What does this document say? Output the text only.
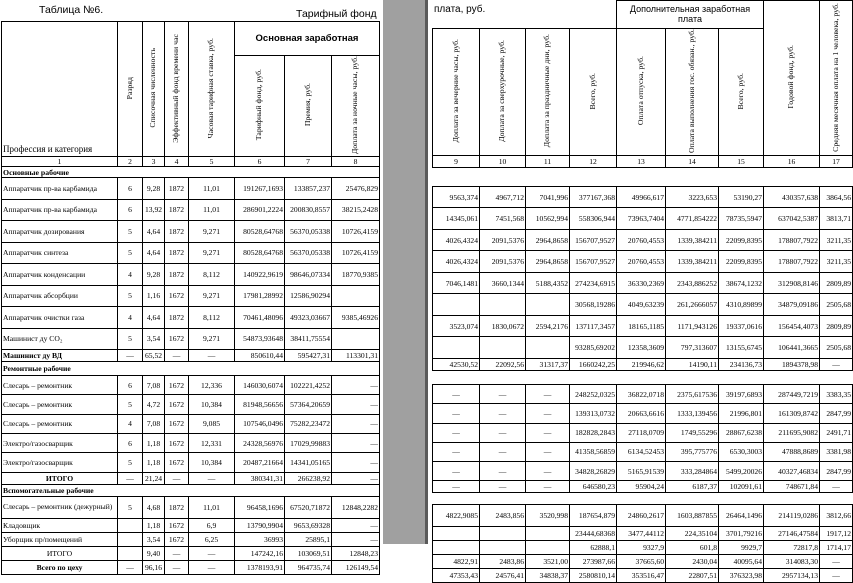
Таблица №6.	Тарифный фонд
Профессия и категория	Разряд	Списочная численность	Эффективный фонд времени час	Часовая тарифная ставка, руб.	Основная заработная		
					Тарифный фонд, руб.	Премия, руб.	Доплата за ночные часы, руб.
1	2	3	4	5	6	7	8
Основные рабочие							
Аппаратчик пр-ва карбамида	6	9,28	1872	11,01	191267,1693	133857,237	25476,829
Аппаратчик пр-ва карбамида	6	13,92	1872	11,01	286901,2224	200830,8557	38215,2428
Аппаратчик дозирования	5	4,64	1872	9,271	80528,64768	56370,05338	10726,4159
Аппаратчик синтеза	5	4,64	1872	9,271	80528,64768	56370,05338	10726,4159
Аппаратчик конденсации	4	9,28	1872	8,112	140922,9619	98646,07334	18770,9385
Аппаратчик абсорбции	5	1,16	1672	9,271	17981,28992	12586,90294	
Аппаратчик очистки газа	4	4,64	1872	8,112	70461,48096	49323,03667	9385,46926
Машинист ду СО₂	5	3,54	1672	9,271	54873,93648	38411,75554	
Машинист ду ВД	—	65,52	—	—	850610,44	595427,31	113301,31
Ремонтные рабочие							
Слесарь – ремонтник	6	7,08	1672	12,336	146030,6074	102221,4252	—
Слесарь – ремонтник	5	4,72	1672	10,384	81948,56656	57364,20659	—
Слесарь – ремонтник	4	7,08	1672	9,085	107546,0496	75282,23472	—
Электро/газосварщик	6	1,18	1672	12,331	24328,56976	17029,99883	—
Электро/газосварщик	5	1,18	1672	10,384	20487,21664	14341,05165	—
ИТОГО	—	21,24	—	—	380341,31	266238,92	—
Вспомогательные рабочие							
Слесарь – ремонтник (дежурный)	5	4,68	1872	11,01	96458,1696	67520,71872	12848,2282
Кладовщик		1,18	1672	6,9	13790,9904	9653,69328	—
Уборщик пр/помещений		3,54	1672	6,25	36993	25895,1	—
ИТОГО		9,40	—	—	147242,16	103069,51	12848,23
Всего по цеху	—	96,16	—	—	1378193,91	964735,74	126149,54
плата, руб.
				Дополнительная заработная плата			Годовой фонд, руб.	Средняя месячная оплата на 1 человека, руб.
Доплата за вечерние часы, руб.	Доплата за сверхурочные, руб.	Доплата за праздничные дни, руб.	Всего, руб.	Оплата отпуска, руб.	Оплата выполнения гос. обязан., руб.	Всего, руб.		
9	10	11	12	13	14	15	16	17

9563,374	4967,712	7041,996	377167,368	49966,617	3223,653	53190,27	430357,638	3864,56
14345,061	7451,568	10562,994	558306,944	73963,7404	4771,854222	78735,5947	637042,5387	3813,71
4026,4324	2091,5376	2964,8658	156707,9527	20760,4553	1339,384211	22099,8395	178807,7922	3211,35
4026,4324	2091,5376	2964,8658	156707,9527	20760,4553	1339,384211	22099,8395	178807,7922	3211,35
7046,1481	3660,1344	5188,4352	274234,6915	36330,2369	2343,886252	38674,1232	312908,8146	2809,89
			30568,19286	4049,63239	261,2666057	4310,89899	34879,09186	2505,68
3523,074	1830,0672	2594,2176	137117,3457	18165,1185	1171,943126	19337,0616	156454,4073	2809,89
			93285,69202	12358,3609	797,313607	13155,6745	106441,3665	2505,68
42530,52	22092,56	31317,37	1660242,25	219946,62	14190,11	234136,73	1894378,98	—

—	—	—	248252,0325	36822,0718	2375,617536	39197,6893	287449,7219	3383,35
—	—	—	139313,0732	20663,6616	1333,139456	21996,801	161309,8742	2847,99
—	—	—	182828,2843	27118,0709	1749,55296	28867,6238	211695,9082	2491,71
—	—	—	41358,56859	6134,52453	395,775776	6530,3003	47888,8689	3381,98
—	—	—	34828,26829	5165,91539	333,284864	5499,20026	40327,46834	2847,99
—	—	—	646580,23	95904,24	6187,37	102091,61	748671,84	—

4822,9085	2483,856	3520,998	187654,879	24860,2617	1603,887855	26464,1496	214119,0286	3812,66
			23444,68368	3477,44112	224,35104	3701,79216	27146,47584	1917,12
			62888,1	9327,9	601,8	9929,7	72817,8	1714,17
4822,91	2483,86	3521,00	273987,66	37665,60	2430,04	40095,64	314083,30	—
47353,43	24576,41	34838,37	2580810,14	353516,47	22807,51	376323,98	2957134,13	—
